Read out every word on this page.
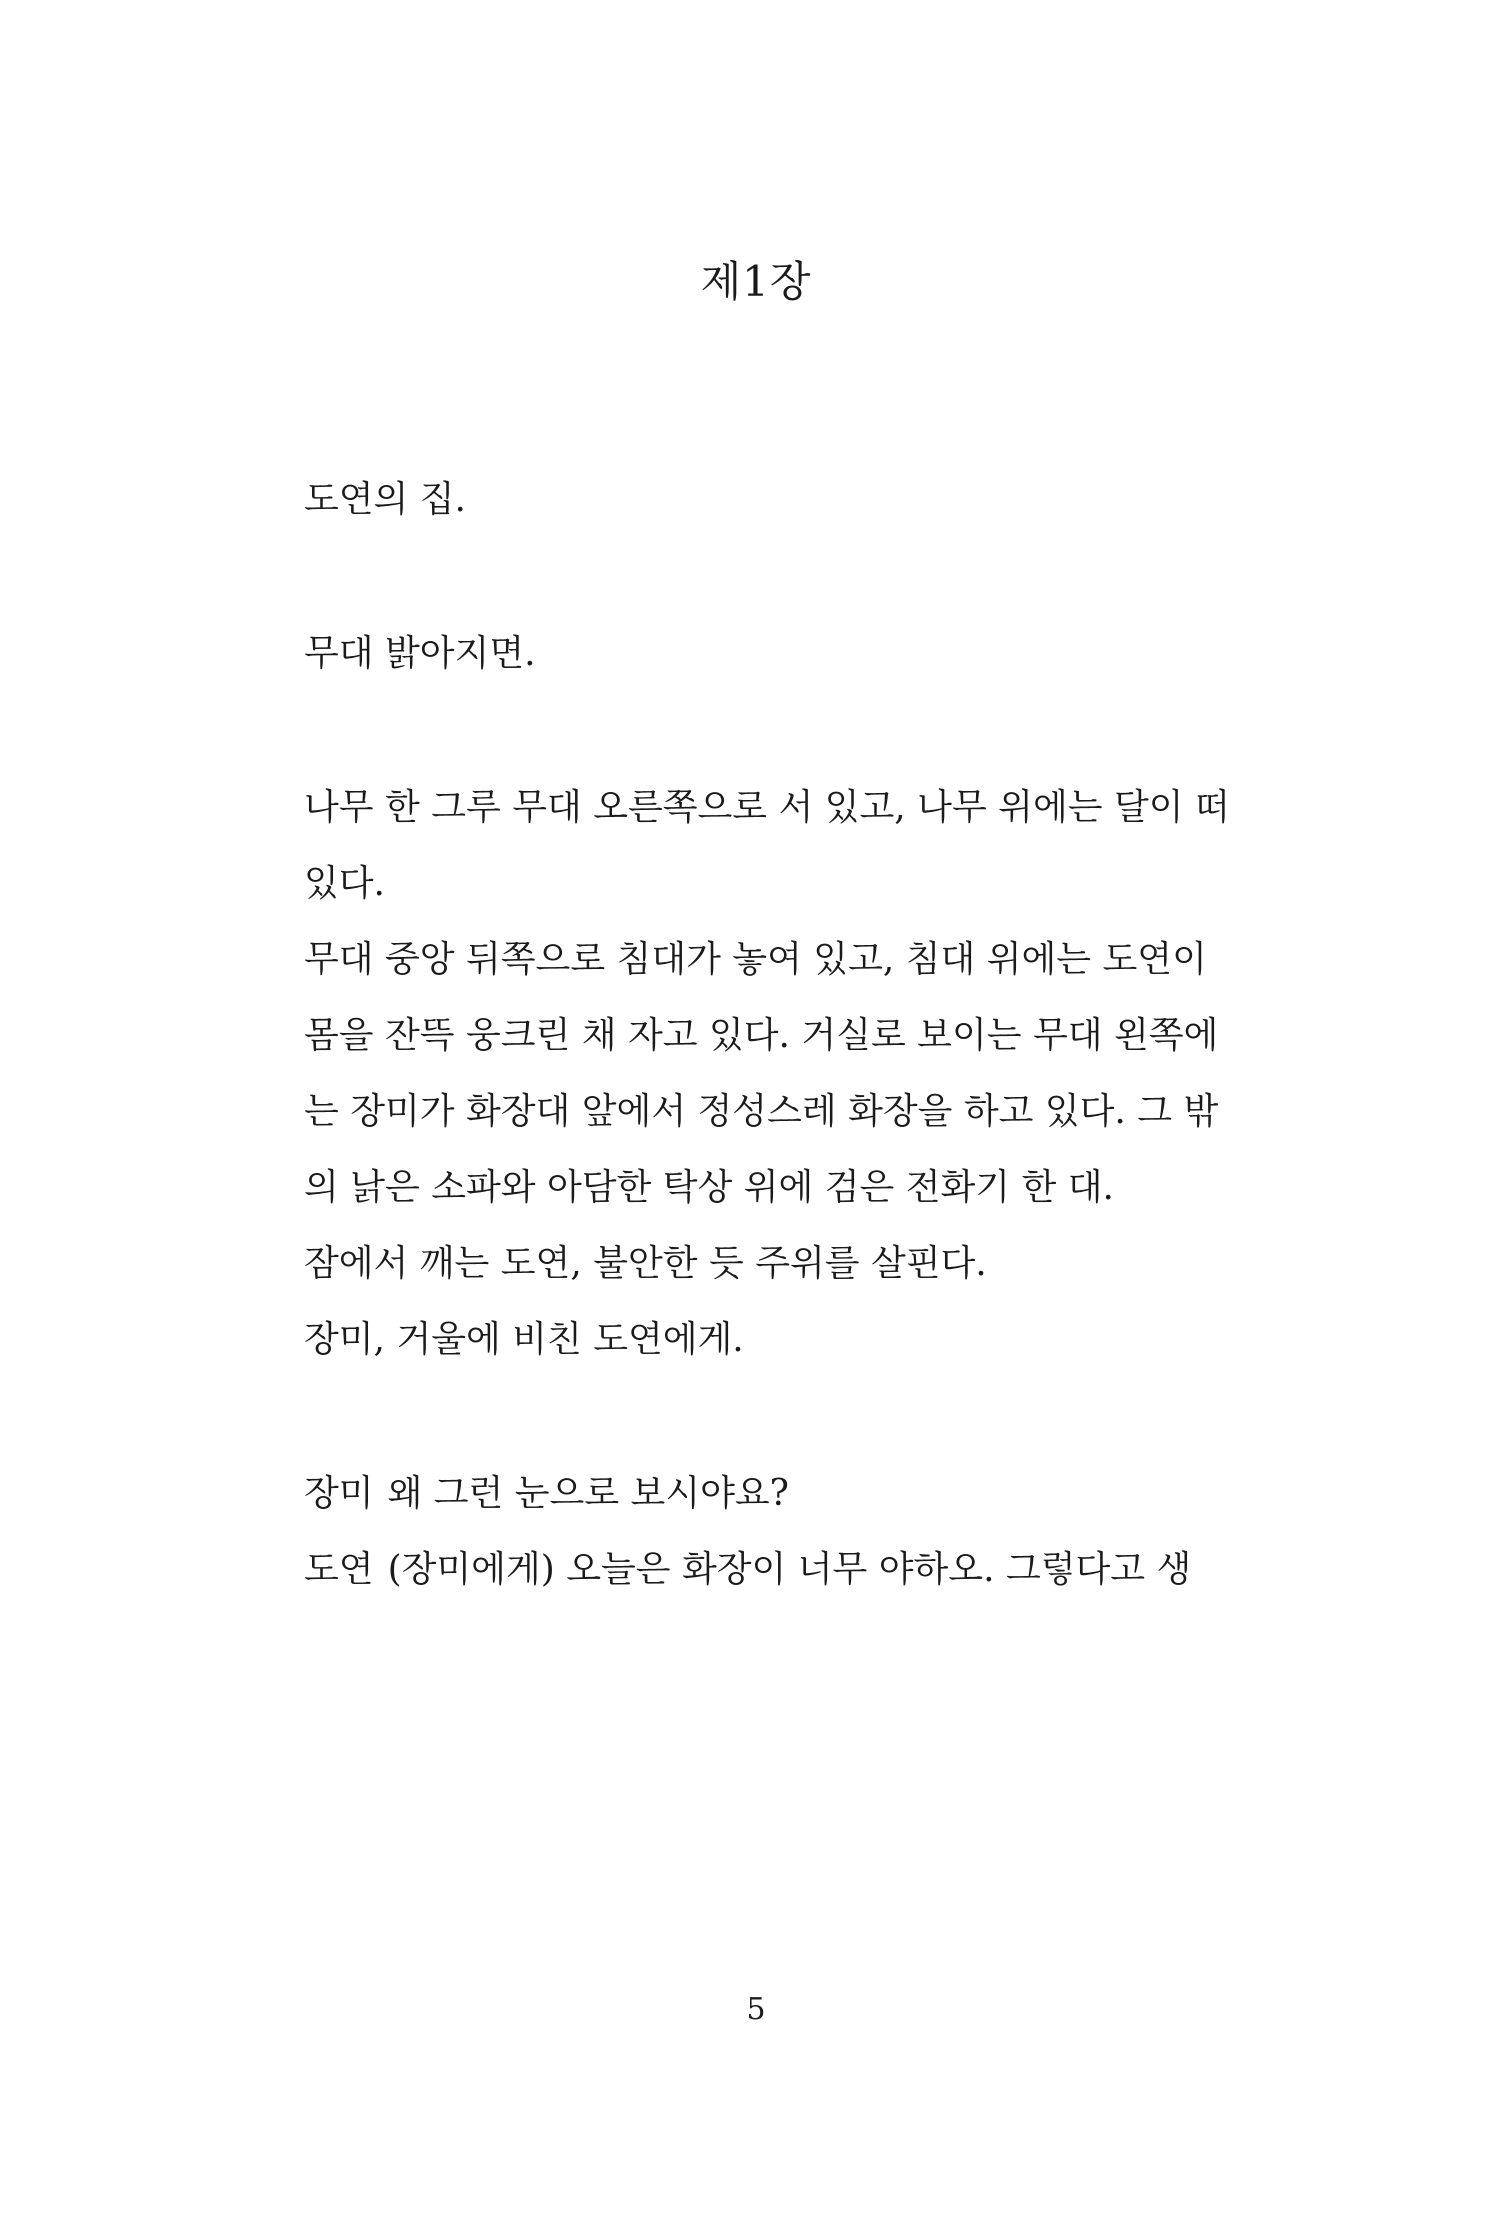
제1장
도연의 집.
무대 밝아지면.
나무 한 그루 무대 오른쪽으로 서 있고, 나무 위에는 달이 떠
있다.
무대 중앙 뒤쪽으로 침대가 놓여 있고, 침대 위에는 도연이
몸을 잔뜩 웅크린 채 자고 있다. 거실로 보이는 무대 왼쪽에
는 장미가 화장대 앞에서 정성스레 화장을 하고 있다. 그 밖
의 낡은 소파와 아담한 탁상 위에 검은 전화기 한 대.
잠에서 깨는 도연, 불안한 듯 주위를 살핀다.
장미, 거울에 비친 도연에게.
장미 왜 그런 눈으로 보시야요?
도연 (장미에게) 오늘은 화장이 너무 야하오. 그렇다고 생
5
